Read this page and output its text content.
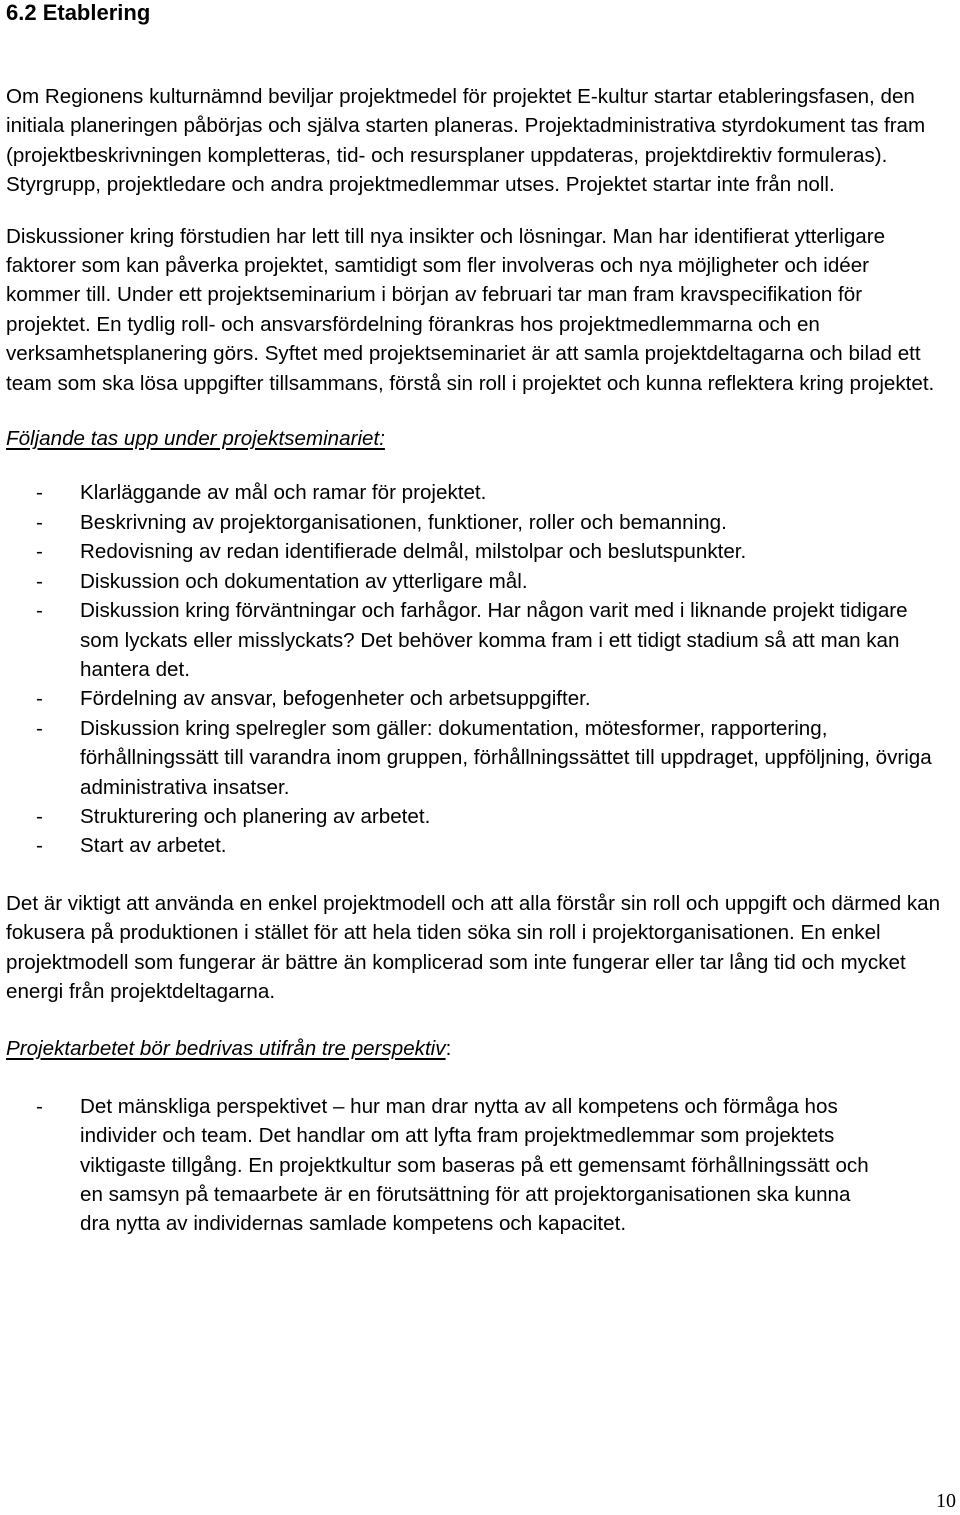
6.2 Etablering

Om Regionens kulturnämnd beviljar projektmedel för projektet E-kultur startar etableringsfasen, den initiala planeringen påbörjas och själva starten planeras. Projektadministrativa styrdokument tas fram (projektbeskrivningen kompletteras, tid- och resursplaner uppdateras, projektdirektiv formuleras). Styrgrupp, projektledare och andra projektmedlemmar utses. Projektet startar inte från noll.

Diskussioner kring förstudien har lett till nya insikter och lösningar. Man har identifierat ytterligare faktorer som kan påverka projektet, samtidigt som fler involveras och nya möjligheter och idéer kommer till. Under ett projektseminarium i början av februari tar man fram kravspecifikation för projektet. En tydlig roll- och ansvarsfördelning förankras hos projektmedlemmarna och en verksamhetsplanering görs. Syftet med projektseminariet är att samla projektdeltagarna och bilad ett team som ska lösa uppgifter tillsammans, förstå sin roll i projektet och kunna reflektera kring projektet.

Följande tas upp under projektseminariet:

- Klarläggande av mål och ramar för projektet.
- Beskrivning av projektorganisationen, funktioner, roller och bemanning.
- Redovisning av redan identifierade delmål, milstolpar och beslutspunkter.
- Diskussion och dokumentation av ytterligare mål.
- Diskussion kring förväntningar och farhågor. Har någon varit med i liknande projekt tidigare som lyckats eller misslyckats? Det behöver komma fram i ett tidigt stadium så att man kan hantera det.
- Fördelning av ansvar, befogenheter och arbetsuppgifter.
- Diskussion kring spelregler som gäller: dokumentation, mötesformer, rapportering, förhållningssätt till varandra inom gruppen, förhållningssättet till uppdraget, uppföljning, övriga administrativa insatser.
- Strukturering och planering av arbetet.
- Start av arbetet.

Det är viktigt att använda en enkel projektmodell och att alla förstår sin roll och uppgift och därmed kan fokusera på produktionen i stället för att hela tiden söka sin roll i projektorganisationen. En enkel projektmodell som fungerar är bättre än komplicerad som inte fungerar eller tar lång tid och mycket energi från projektdeltagarna.

Projektarbetet bör bedrivas utifrån tre perspektiv:

- Det mänskliga perspektivet – hur man drar nytta av all kompetens och förmåga hos individer och team. Det handlar om att lyfta fram projektmedlemmar som projektets viktigaste tillgång. En projektkultur som baseras på ett gemensamt förhållningssätt och en samsyn på temaarbete är en förutsättning för att projektorganisationen ska kunna dra nytta av individernas samlade kompetens och kapacitet.
10
